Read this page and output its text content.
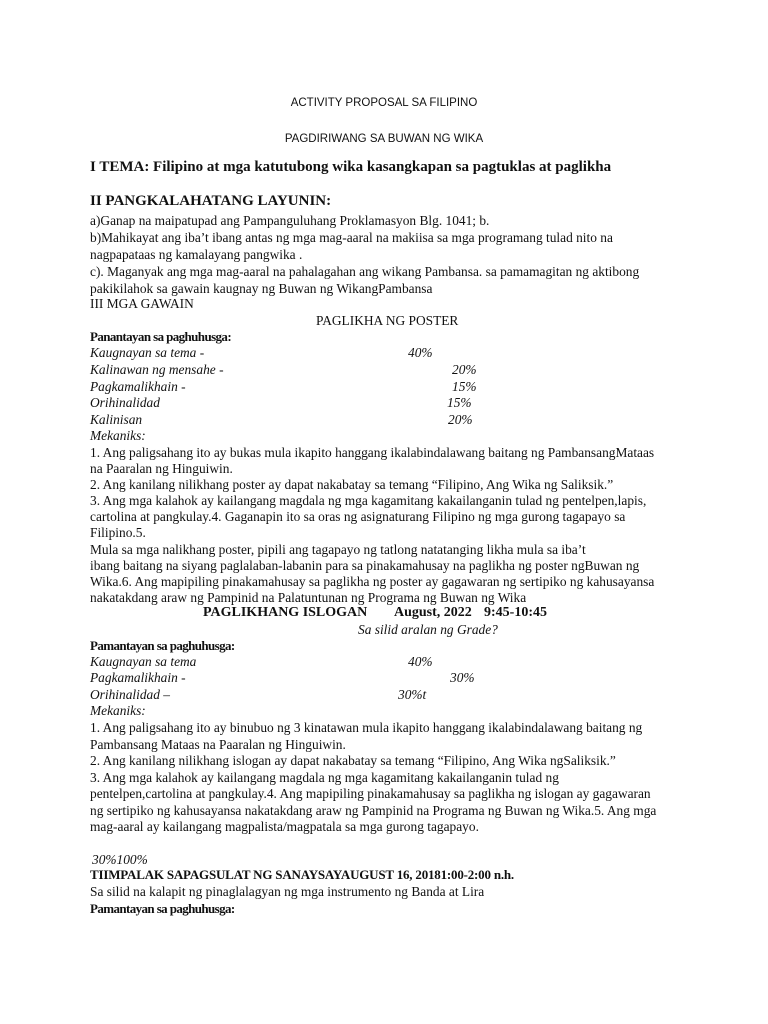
ACTIVITY PROPOSAL SA FILIPINO
PAGDIRIWANG SA BUWAN NG WIKA
I TEMA: Filipino at mga katutubong wika kasangkapan sa pagtuklas at paglikha
II PANGKALAHATANG LAYUNIN:
a)Ganap na maipatupad ang Pampanguluhang Proklamasyon Blg. 1041; b.
b)Mahikayat ang iba’t ibang antas ng mga mag-aaral na makiisa sa mga programang tulad nito na
nagpapataas ng kamalayang pangwika .
c). Maganyak ang mga mag-aaral na pahalagahan ang wikang Pambansa. sa pamamagitan ng aktibong
pakikilahok sa gawain kaugnay ng Buwan ng WikangPambansa
III MGA GAWAIN
PAGLIKHA NG POSTER
Panantayan sa paghuhusga:
Kaugnayan sa tema -	40%
Kalinawan ng mensahe -	20%
Pagkamalikhain -	15%
Orihinalidad	15%
Kalinisan	20%
Mekaniks:
1. Ang paligsahang ito ay bukas mula ikapito hanggang ikalabindalawang baitang ng PambansangMataas
na Paaralan ng Hinguiwin.
2. Ang kanilang nilikhang poster ay dapat nakabatay sa temang “Filipino, Ang Wika ng Saliksik.”
3. Ang mga kalahok ay kailangang magdala ng mga kagamitang kakailanganin tulad ng pentelpen,lapis,
cartolina at pangkulay.4. Gaganapin ito sa oras ng asignaturang Filipino ng mga gurong tagapayo sa
Filipino.5.
Mula sa mga nalikhang poster, pipili ang tagapayo ng tatlong natatanging likha mula sa iba’t
ibang baitang na siyang paglalaban-labanin para sa pinakamahusay na paglikha ng poster ngBuwan ng
Wika.6. Ang mapipiling pinakamahusay sa paglikha ng poster ay gagawaran ng sertipiko ng kahusayansa
nakatakdang araw ng Pampinid na Palatuntunan ng Programa ng Buwan ng Wika
PAGLIKHANG ISLOGAN August, 2022 9:45-10:45
Sa silid aralan ng Grade?
Pamantayan sa paghuhusga:
Kaugnayan sa tema	40%
Pagkamalikhain -	30%
Orihinalidad –	30%t
Mekaniks:
1. Ang paligsahang ito ay binubuo ng 3 kinatawan mula ikapito hanggang ikalabindalawang baitang ng
Pambansang Mataas na Paaralan ng Hinguiwin.
2. Ang kanilang nilikhang islogan ay dapat nakabatay sa temang “Filipino, Ang Wika ngSaliksik.”
3. Ang mga kalahok ay kailangang magdala ng mga kagamitang kakailanganin tulad ng
pentelpen,cartolina at pangkulay.4. Ang mapipiling pinakamahusay sa paglikha ng islogan ay gagawaran
ng sertipiko ng kahusayansa nakatakdang araw ng Pampinid na Programa ng Buwan ng Wika.5. Ang mga
mag-aaral ay kailangang magpalista/magpatala sa mga gurong tagapayo.
30%100%
TIIMPALAK SAPAGSULAT NG SANAYSAYAUGUST 16, 20181:00-2:00 n.h.
Sa silid na kalapit ng pinaglalagyan ng mga instrumento ng Banda at Lira
Pamantayan sa paghuhusga:
